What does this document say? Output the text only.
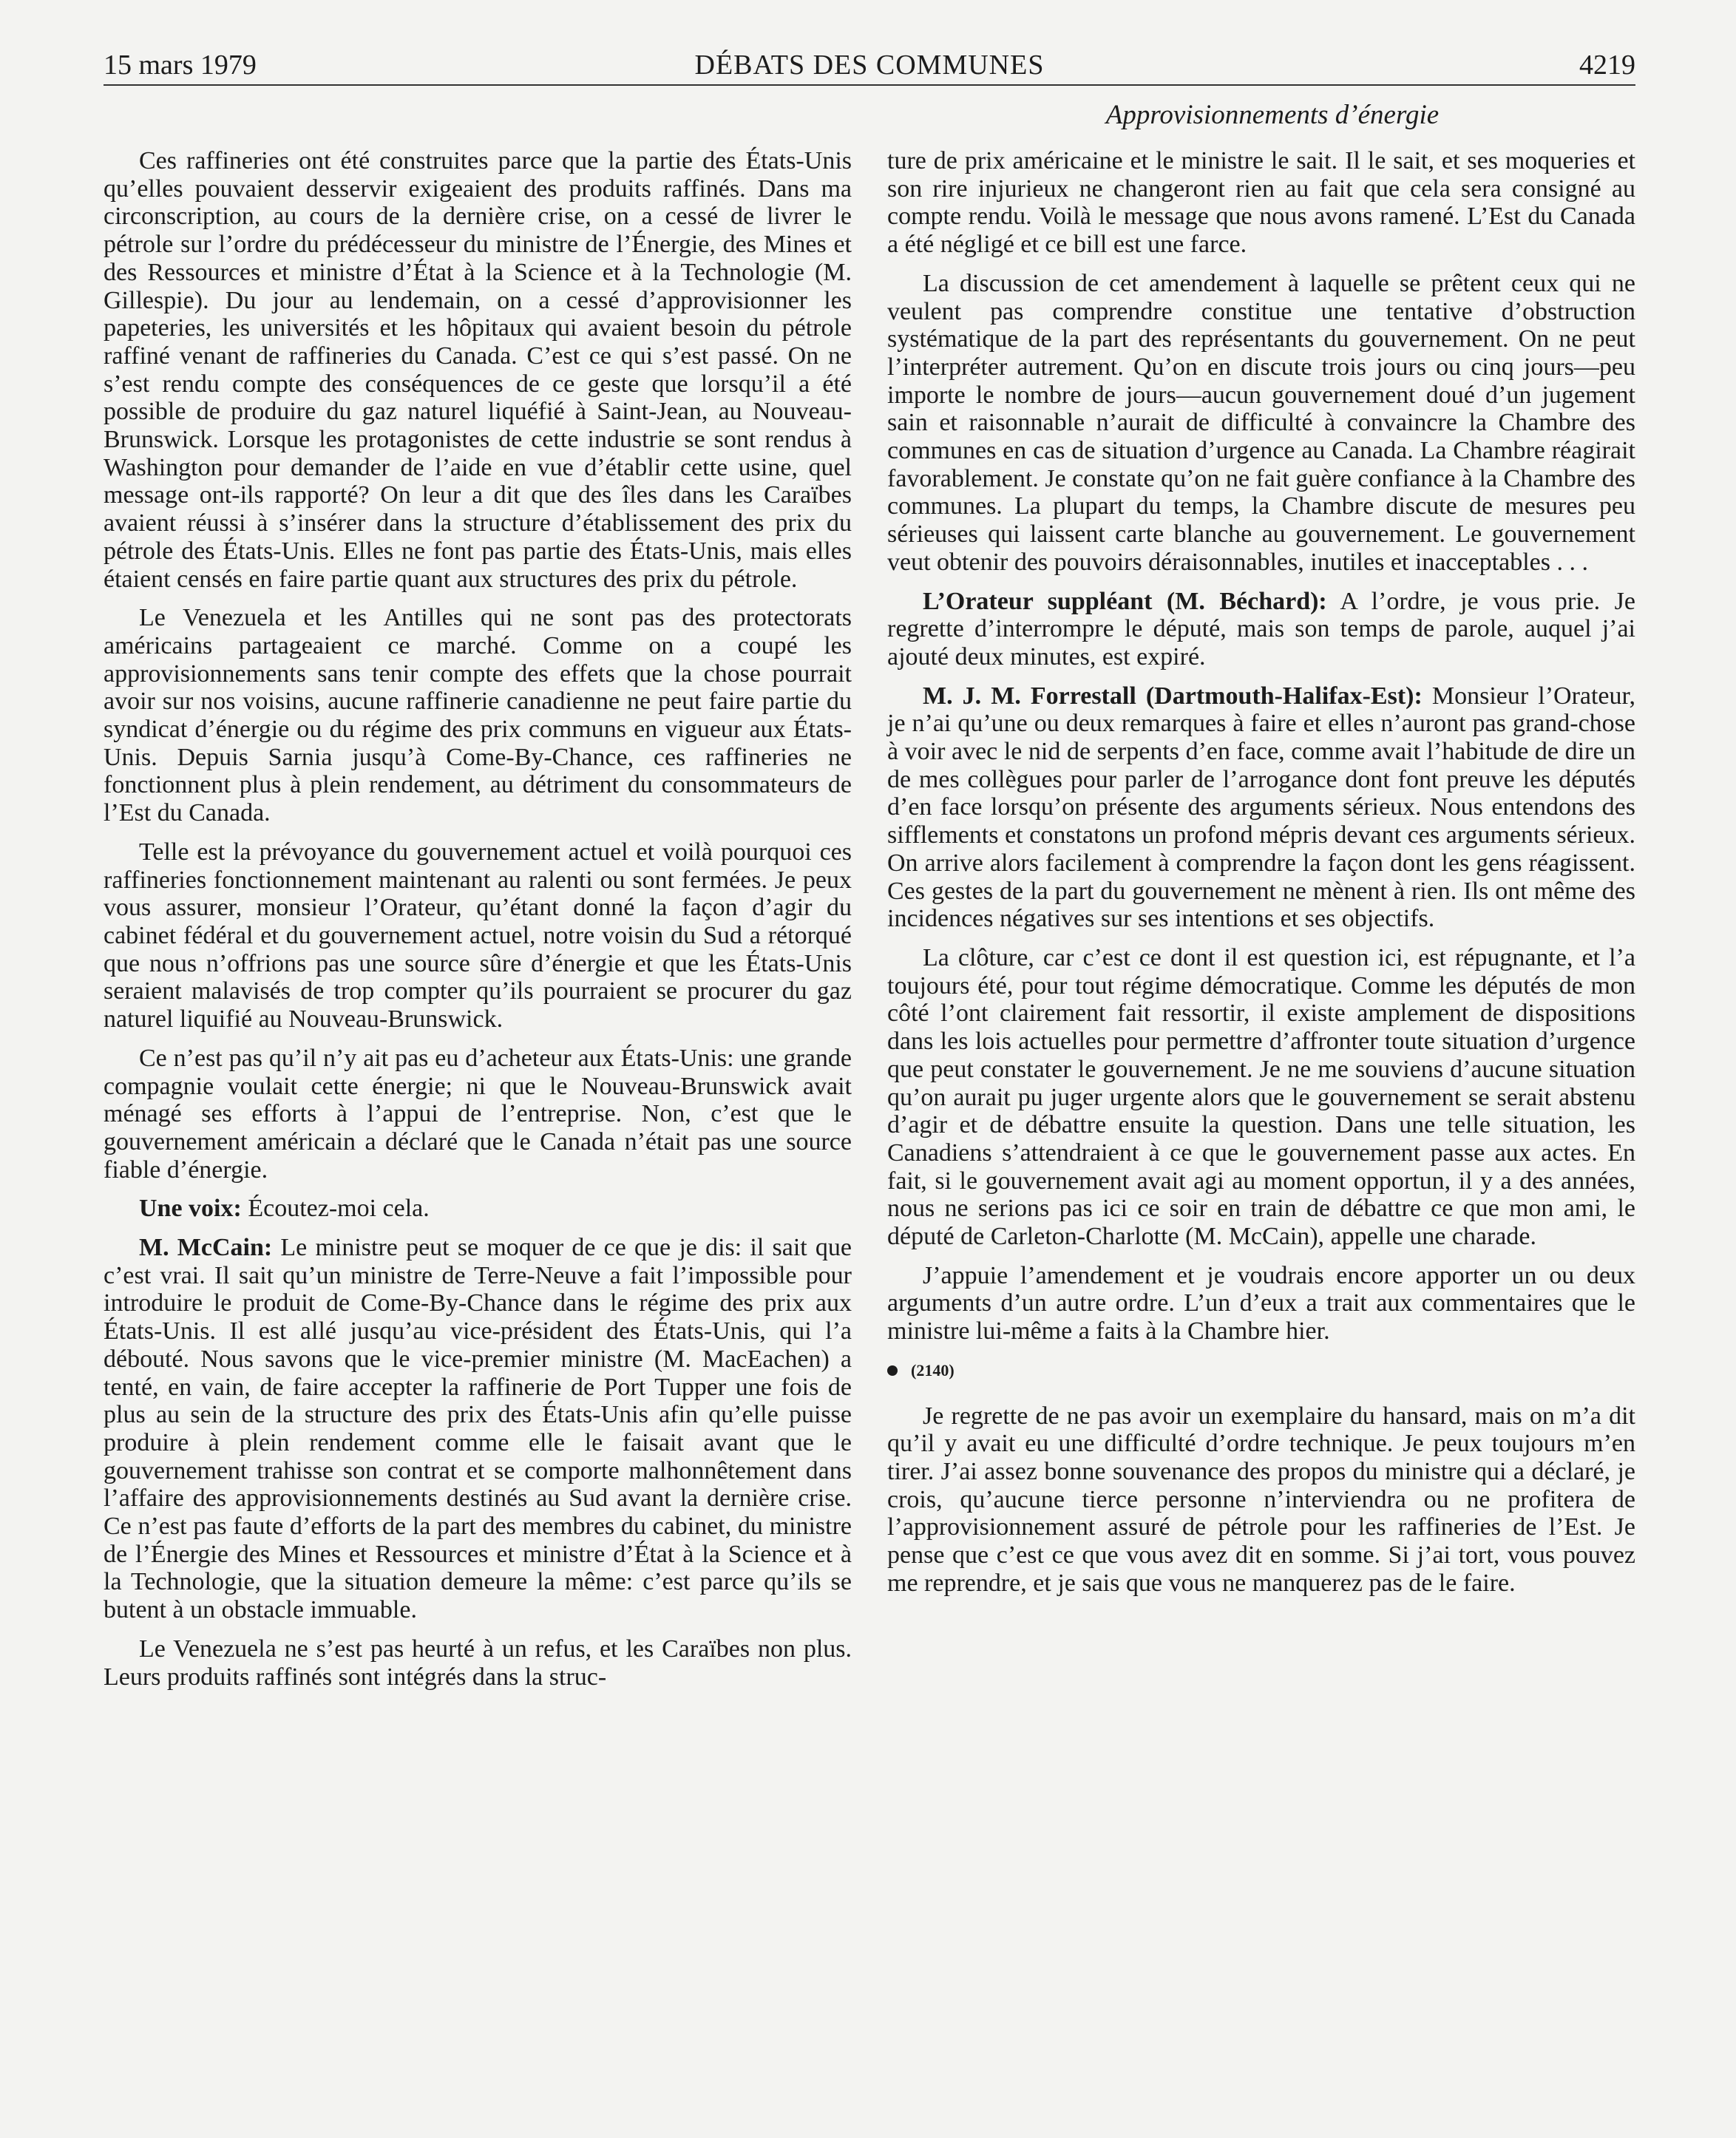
15 mars 1979	DÉBATS DES COMMUNES	4219
Approvisionnements d’énergie

Ces raffineries ont été construites parce que la partie des États-Unis qu’elles pouvaient desservir exigeaient des produits raffinés. Dans ma circonscription, au cours de la dernière crise, on a cessé de livrer le pétrole sur l’ordre du prédécesseur du ministre de l’Énergie, des Mines et des Ressources et ministre d’État à la Science et à la Technologie (M. Gillespie). Du jour au lendemain, on a cessé d’approvisionner les papeteries, les universités et les hôpitaux qui avaient besoin du pétrole raffiné venant de raffineries du Canada. C’est ce qui s’est passé. On ne s’est rendu compte des conséquences de ce geste que lorsqu’il a été possible de produire du gaz naturel liquéfié à Saint-Jean, au Nouveau-Brunswick. Lorsque les protagonistes de cette industrie se sont rendus à Washington pour demander de l’aide en vue d’établir cette usine, quel message ont-ils rapporté? On leur a dit que des îles dans les Caraïbes avaient réussi à s’insérer dans la structure d’établissement des prix du pétrole des États-Unis. Elles ne font pas partie des États-Unis, mais elles étaient censés en faire partie quant aux structures des prix du pétrole.

Le Venezuela et les Antilles qui ne sont pas des protectorats américains partageaient ce marché. Comme on a coupé les approvisionnements sans tenir compte des effets que la chose pourrait avoir sur nos voisins, aucune raffinerie canadienne ne peut faire partie du syndicat d’énergie ou du régime des prix communs en vigueur aux États-Unis. Depuis Sarnia jusqu’à Come-By-Chance, ces raffineries ne fonctionnent plus à plein rendement, au détriment du consommateurs de l’Est du Canada.

Telle est la prévoyance du gouvernement actuel et voilà pourquoi ces raffineries fonctionnement maintenant au ralenti ou sont fermées. Je peux vous assurer, monsieur l’Orateur, qu’étant donné la façon d’agir du cabinet fédéral et du gouvernement actuel, notre voisin du Sud a rétorqué que nous n’offrions pas une source sûre d’énergie et que les États-Unis seraient malavisés de trop compter qu’ils pourraient se procurer du gaz naturel liquifié au Nouveau-Brunswick.

Ce n’est pas qu’il n’y ait pas eu d’acheteur aux États-Unis: une grande compagnie voulait cette énergie; ni que le Nouveau-Brunswick avait ménagé ses efforts à l’appui de l’entreprise. Non, c’est que le gouvernement américain a déclaré que le Canada n’était pas une source fiable d’énergie.

Une voix: Écoutez-moi cela.

M. McCain: Le ministre peut se moquer de ce que je dis: il sait que c’est vrai. Il sait qu’un ministre de Terre-Neuve a fait l’impossible pour introduire le produit de Come-By-Chance dans le régime des prix aux États-Unis. Il est allé jusqu’au vice-président des États-Unis, qui l’a débouté. Nous savons que le vice-premier ministre (M. MacEachen) a tenté, en vain, de faire accepter la raffinerie de Port Tupper une fois de plus au sein de la structure des prix des États-Unis afin qu’elle puisse produire à plein rendement comme elle le faisait avant que le gouvernement trahisse son contrat et se comporte malhonnêtement dans l’affaire des approvisionnements destinés au Sud avant la dernière crise. Ce n’est pas faute d’efforts de la part des membres du cabinet, du ministre de l’Énergie des Mines et Ressources et ministre d’État à la Science et à la Technologie, que la situation demeure la même: c’est parce qu’ils se butent à un obstacle immuable.

Le Venezuela ne s’est pas heurté à un refus, et les Caraïbes non plus. Leurs produits raffinés sont intégrés dans la struc-

ture de prix américaine et le ministre le sait. Il le sait, et ses moqueries et son rire injurieux ne changeront rien au fait que cela sera consigné au compte rendu. Voilà le message que nous avons ramené. L’Est du Canada a été négligé et ce bill est une farce.

La discussion de cet amendement à laquelle se prêtent ceux qui ne veulent pas comprendre constitue une tentative d’obstruction systématique de la part des représentants du gouvernement. On ne peut l’interpréter autrement. Qu’on en discute trois jours ou cinq jours—peu importe le nombre de jours—aucun gouvernement doué d’un jugement sain et raisonnable n’aurait de difficulté à convaincre la Chambre des communes en cas de situation d’urgence au Canada. La Chambre réagirait favorablement. Je constate qu’on ne fait guère confiance à la Chambre des communes. La plupart du temps, la Chambre discute de mesures peu sérieuses qui laissent carte blanche au gouvernement. Le gouvernement veut obtenir des pouvoirs déraisonnables, inutiles et inacceptables . . .

L’Orateur suppléant (M. Béchard): A l’ordre, je vous prie. Je regrette d’interrompre le député, mais son temps de parole, auquel j’ai ajouté deux minutes, est expiré.

M. J. M. Forrestall (Dartmouth-Halifax-Est): Monsieur l’Orateur, je n’ai qu’une ou deux remarques à faire et elles n’auront pas grand-chose à voir avec le nid de serpents d’en face, comme avait l’habitude de dire un de mes collègues pour parler de l’arrogance dont font preuve les députés d’en face lorsqu’on présente des arguments sérieux. Nous entendons des sifflements et constatons un profond mépris devant ces arguments sérieux. On arrive alors facilement à comprendre la façon dont les gens réagissent. Ces gestes de la part du gouvernement ne mènent à rien. Ils ont même des incidences négatives sur ses intentions et ses objectifs.

La clôture, car c’est ce dont il est question ici, est répugnante, et l’a toujours été, pour tout régime démocratique. Comme les députés de mon côté l’ont clairement fait ressortir, il existe amplement de dispositions dans les lois actuelles pour permettre d’affronter toute situation d’urgence que peut constater le gouvernement. Je ne me souviens d’aucune situation qu’on aurait pu juger urgente alors que le gouvernement se serait abstenu d’agir et de débattre ensuite la question. Dans une telle situation, les Canadiens s’attendraient à ce que le gouvernement passe aux actes. En fait, si le gouvernement avait agi au moment opportun, il y a des années, nous ne serions pas ici ce soir en train de débattre ce que mon ami, le député de Carleton-Charlotte (M. McCain), appelle une charade.

J’appuie l’amendement et je voudrais encore apporter un ou deux arguments d’un autre ordre. L’un d’eux a trait aux commentaires que le ministre lui-même a faits à la Chambre hier.

(2140)

Je regrette de ne pas avoir un exemplaire du hansard, mais on m’a dit qu’il y avait eu une difficulté d’ordre technique. Je peux toujours m’en tirer. J’ai assez bonne souvenance des propos du ministre qui a déclaré, je crois, qu’aucune tierce personne n’interviendra ou ne profitera de l’approvisionnement assuré de pétrole pour les raffineries de l’Est. Je pense que c’est ce que vous avez dit en somme. Si j’ai tort, vous pouvez me reprendre, et je sais que vous ne manquerez pas de le faire.
